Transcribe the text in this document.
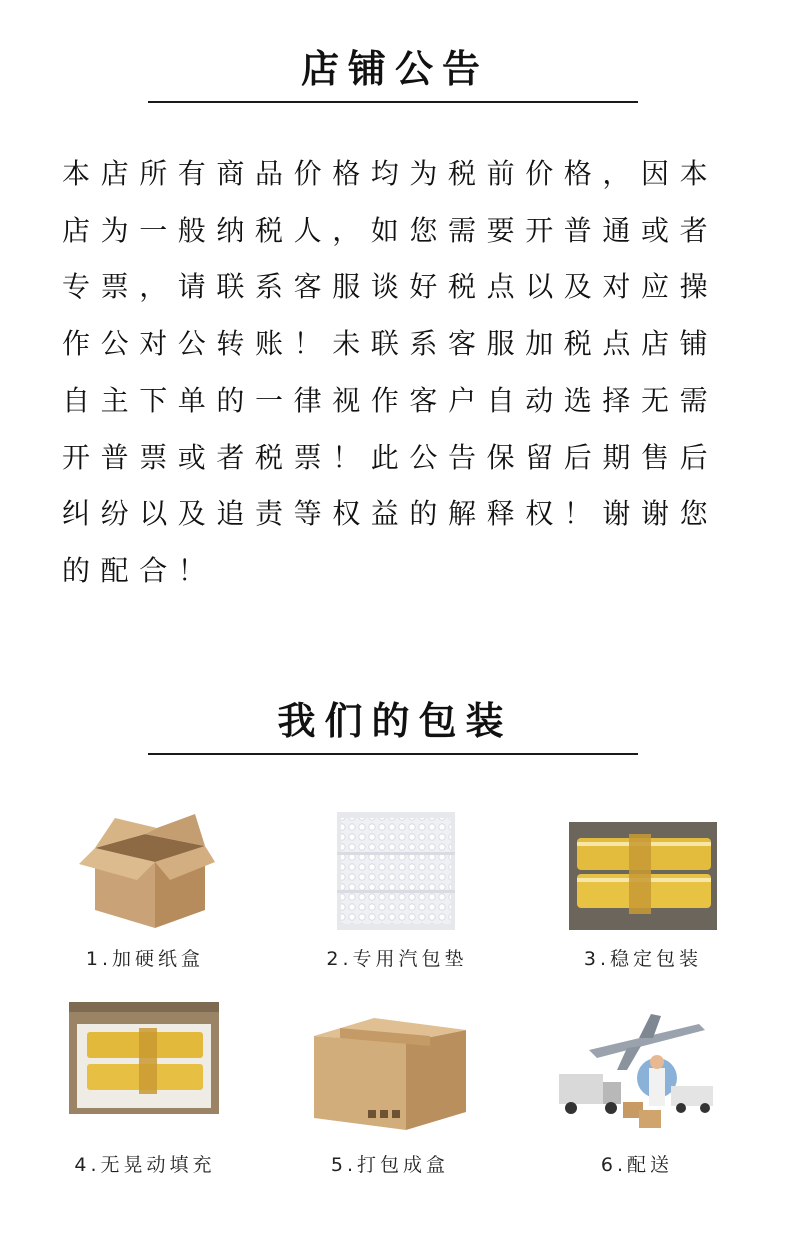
店铺公告

本店所有商品价格均为税前价格，因本店为一般纳税人，如您需要开普通或者专票，请联系客服谈好税点以及对应操作公对公转账！未联系客服加税点店铺自主下单的一律视作客户自动选择无需开普票或者税票！此公告保留后期售后纠纷以及追责等权益的解释权！谢谢您的配合！

我们的包装
1.加硬纸盒	2.专用汽包垫	3.稳定包装
4.无晃动填充	5.打包成盒	6.配送
